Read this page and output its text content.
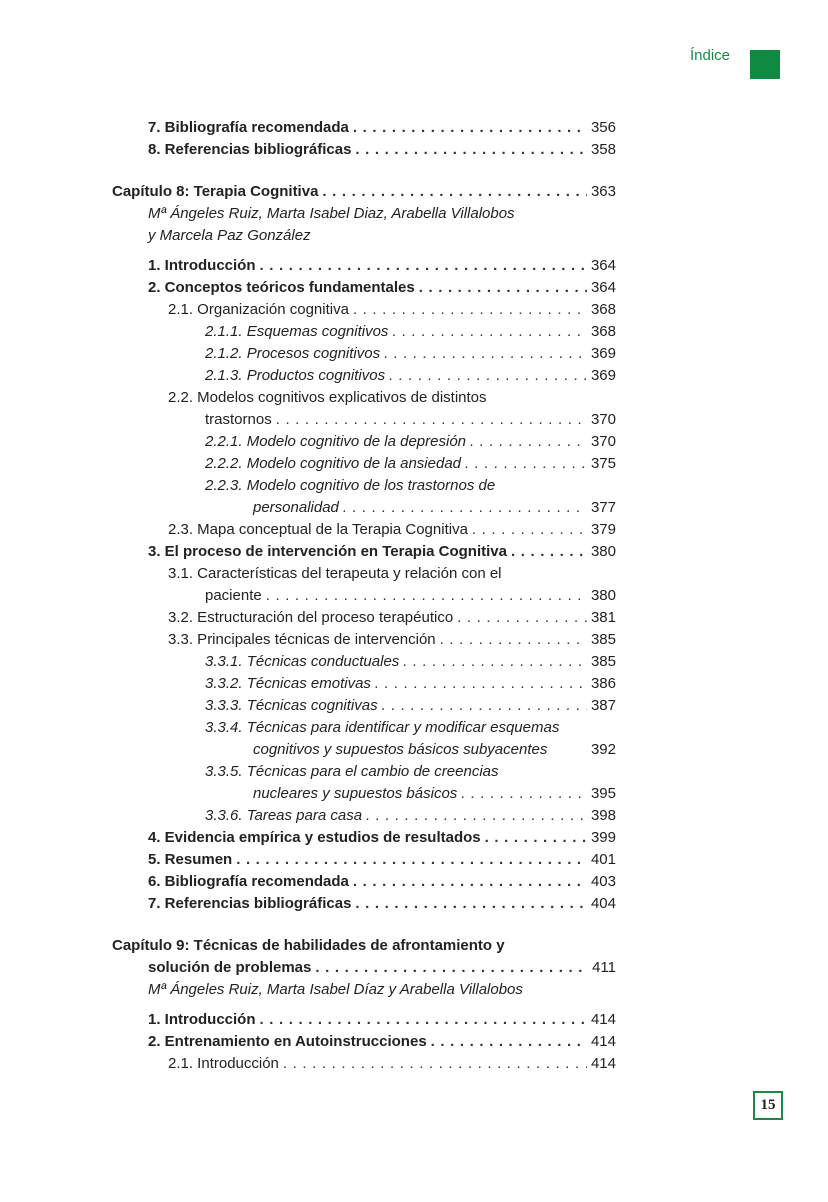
Índice
7. Bibliografía recomendada . . .	356
8. Referencias bibliográficas . . .	358
Capítulo 8: Terapia Cognitiva . . .	363
Mª Ángeles Ruiz, Marta Isabel Diaz, Arabella Villalobos
y Marcela Paz González
1. Introducción . . .	364
2. Conceptos teóricos fundamentales . . .	364
2.1. Organización cognitiva . . .	368
2.1.1. Esquemas cognitivos . . .	368
2.1.2. Procesos cognitivos . . .	369
2.1.3. Productos cognitivos . . .	369
2.2. Modelos cognitivos explicativos de distintos
trastornos . . .	370
2.2.1. Modelo cognitivo de la depresión . . .	370
2.2.2. Modelo cognitivo de la ansiedad . . .	375
2.2.3. Modelo cognitivo de los trastornos de
personalidad . . .	377
2.3. Mapa conceptual de la Terapia Cognitiva . . .	379
3. El proceso de intervención en Terapia Cognitiva . . .	380
3.1. Características del terapeuta y relación con el
paciente . . .	380
3.2. Estructuración del proceso terapéutico . . .	381
3.3. Principales técnicas de intervención . . .	385
3.3.1. Técnicas conductuales . . .	385
3.3.2. Técnicas emotivas . . .	386
3.3.3. Técnicas cognitivas . . .	387
3.3.4. Técnicas para identificar y modificar esquemas
cognitivos y supuestos básicos subyacentes	392
3.3.5. Técnicas para el cambio de creencias
nucleares y supuestos básicos . . .	395
3.3.6. Tareas para casa . . .	398
4. Evidencia empírica y estudios de resultados . . .	399
5. Resumen . . .	401
6. Bibliografía recomendada . . .	403
7. Referencias bibliográficas . . .	404
Capítulo 9: Técnicas de habilidades de afrontamiento y
solución de problemas . . .	411
Mª Ángeles Ruiz, Marta Isabel Díaz y Arabella Villalobos
1. Introducción . . .	414
2. Entrenamiento en Autoinstrucciones . . .	414
2.1. Introducción . . .	414
15
